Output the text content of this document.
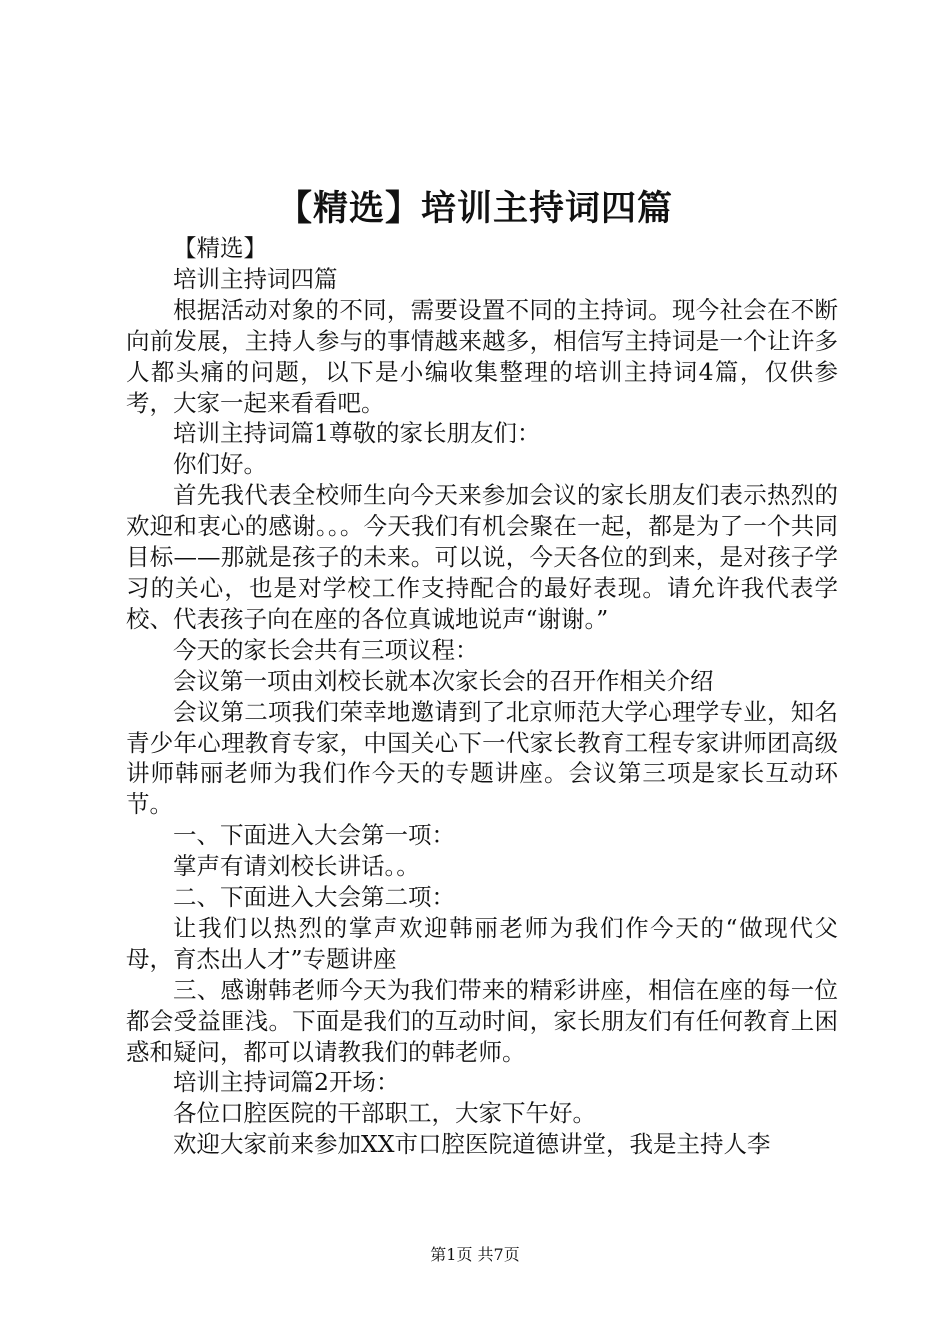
【精选】培训主持词四篇

【精选】

培训主持词四篇

根据活动对象的不同，需要设置不同的主持词。现今社会在不断向前发展，主持人参与的事情越来越多，相信写主持词是一个让许多人都头痛的问题，以下是小编收集整理的培训主持词4篇，仅供参考，大家一起来看看吧。

培训主持词篇1尊敬的家长朋友们：

你们好。

首先我代表全校师生向今天来参加会议的家长朋友们表示热烈的欢迎和衷心的感谢。。。今天我们有机会聚在一起，都是为了一个共同目标——那就是孩子的未来。可以说，今天各位的到来，是对孩子学习的关心，也是对学校工作支持配合的最好表现。请允许我代表学校、代表孩子向在座的各位真诚地说声“谢谢。”

今天的家长会共有三项议程：

会议第一项由刘校长就本次家长会的召开作相关介绍

会议第二项我们荣幸地邀请到了北京师范大学心理学专业，知名青少年心理教育专家，中国关心下一代家长教育工程专家讲师团高级讲师韩丽老师为我们作今天的专题讲座。会议第三项是家长互动环节。

一、下面进入大会第一项：

掌声有请刘校长讲话。。

二、下面进入大会第二项：

让我们以热烈的掌声欢迎韩丽老师为我们作今天的“做现代父母，育杰出人才”专题讲座

三、感谢韩老师今天为我们带来的精彩讲座，相信在座的每一位都会受益匪浅。下面是我们的互动时间，家长朋友们有任何教育上困惑和疑问，都可以请教我们的韩老师。

培训主持词篇2开场：

各位口腔医院的干部职工，大家下午好。

欢迎大家前来参加XX市口腔医院道德讲堂，我是主持人李

第1页 共7页
